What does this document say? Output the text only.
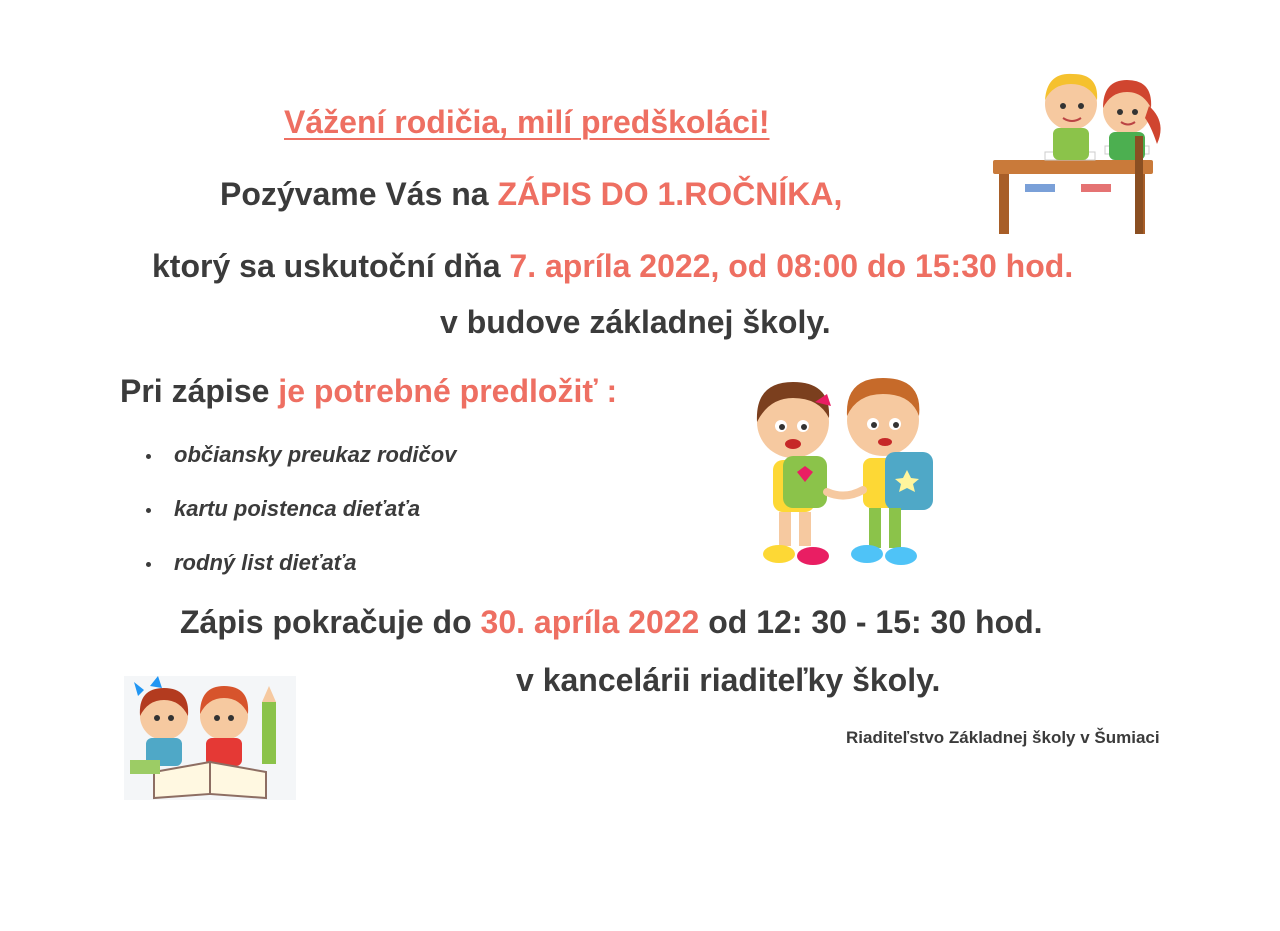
Vážení rodičia, milí predškoláci!
Pozývame Vás na ZÁPIS DO 1.ROČNÍKA,
ktorý sa uskutoční dňa 7. apríla 2022, od 08:00 do 15:30 hod.
v budove základnej školy.
Pri zápise je potrebné predložiť :
občiansky preukaz rodičov
kartu poistenca dieťaťa
rodný list dieťaťa
Zápis pokračuje do 30. apríla 2022 od 12: 30 - 15: 30 hod.
v kancelárii riaditeľky školy.
Riaditeľstvo Základnej školy v Šumiaci
